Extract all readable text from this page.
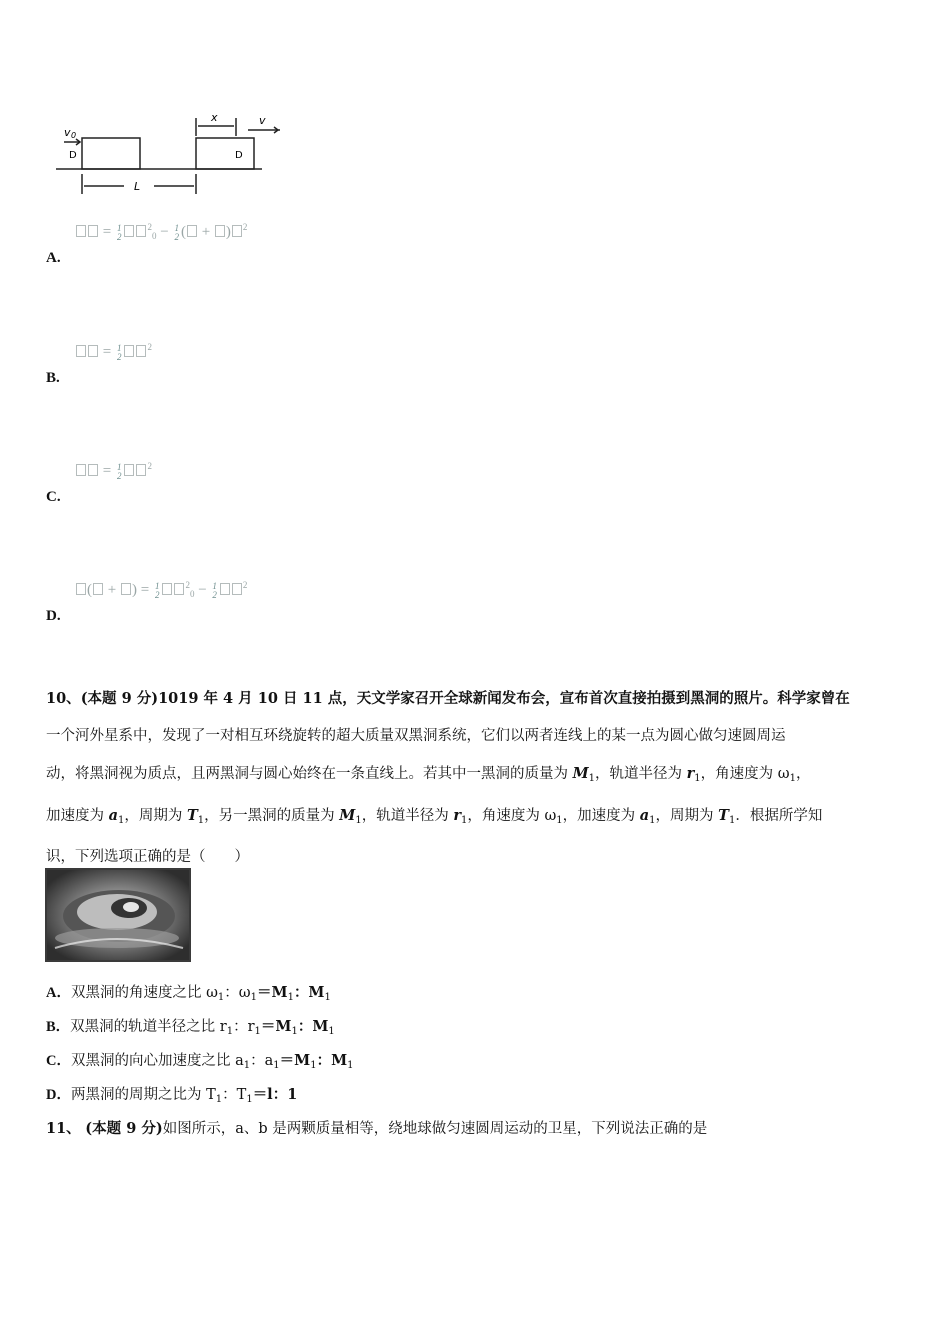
v 0
x	v
L
D	D
= 1
2
$^2_0$ − 1
2 ( + ) $^2$
A.
= 1
2
$^2$
B.
= 1
2
$^2$
C.
( + ) = 1
2
$^2_0$ − 1
2
$^2$
D.
10、(本题 9 分)1019 年 4 月 10 日 11 点，天文学家召开全球新闻发布会，宣布首次直接拍摄到黑洞的照片。科学家曾在
一个河外星系中，发现了一对相互环绕旋转的超大质量双黑洞系统，它们以两者连线上的某一点为圆心做匀速圆周运
动，将黑洞视为质点，且两黑洞与圆心始终在一条直线上。若其中一黑洞的质量为 $M_1$，轨道半径为 $r_1$，角速度为 $\omega_1$，
加速度为 $a_1$，周期为 $T_1$，另一黑洞的质量为 $M_1$，轨道半径为 $r_1$，角速度为 $\omega_1$，加速度为 $a_1$，周期为 $T_1$．根据所学知
识，下列选项正确的是（　　）
A．双黑洞的角速度之比 $\omega_1$：$\omega_1=M_1$：$M_1$
B．双黑洞的轨道半径之比 $r_1$：$r_1=M_1$：$M_1$
C．双黑洞的向心加速度之比 $a_1$：$a_1=M_1$：$M_1$
D．两黑洞的周期之比为 $T_1$：$T_1=l$：1
11、 (本题 9 分)如图所示，a、b 是两颗质量相等，绕地球做匀速圆周运动的卫星，下列说法正确的是
